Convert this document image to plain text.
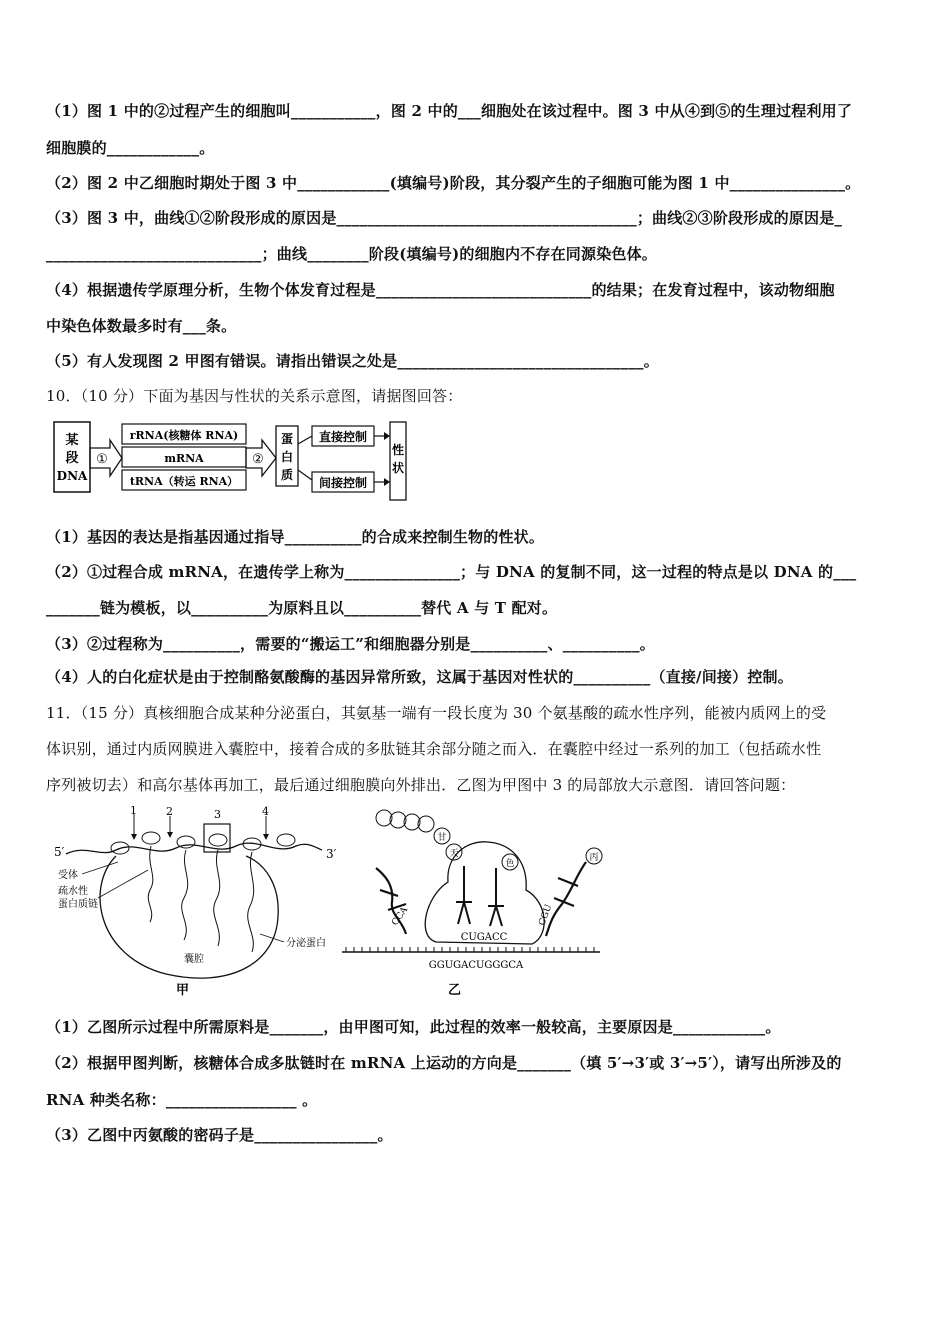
（1）图 1 中的②过程产生的细胞叫___________，图 2 中的___细胞处在该过程中。图 3 中从④到⑤的生理过程利用了
细胞膜的____________。
（2）图 2 中乙细胞时期处于图 3 中____________(填编号)阶段，其分裂产生的子细胞可能为图 1 中_______________。
（3）图 3 中，曲线①②阶段形成的原因是_______________________________________；曲线②③阶段形成的原因是_
____________________________；曲线________阶段(填编号)的细胞内不存在同源染色体。
（4）根据遗传学原理分析，生物个体发育过程是____________________________的结果；在发育过程中，该动物细胞
中染色体数最多时有___条。
（5）有人发现图 2 甲图有错误。请指出错误之处是________________________________。
10．（10 分）下面为基因与性状的关系示意图，请据图回答：
某
段
DNA
①
rRNA(核糖体 RNA)
mRNA
tRNA（转运 RNA）
②
蛋
白
质
直接控制
间接控制
性
状
（1）基因的表达是指基因通过指导__________的合成来控制生物的性状。
（2）①过程合成 mRNA，在遗传学上称为_______________；与 DNA 的复制不同，这一过程的特点是以 DNA 的___
_______链为模板，以__________为原料且以__________替代 A 与 T 配对。
（3）②过程称为__________，需要的“搬运工”和细胞器分别是__________、__________。
（4）人的白化症状是由于控制酪氨酸酶的基因异常所致，这属于基因对性状的__________（直接/间接）控制。
11．（15 分）真核细胞合成某种分泌蛋白，其氨基一端有一段长度为 30 个氨基酸的疏水性序列，能被内质网上的受
体识别，通过内质网膜进入囊腔中，接着合成的多肽链其余部分随之而入．在囊腔中经过一系列的加工（包括疏水性
序列被切去）和高尔基体再加工，最后通过细胞膜向外排出．乙图为甲图中 3 的局部放大示意图．请回答问题：
5′	3′
1	2	3	4
受体
疏水性
蛋白质链
分泌蛋白
囊腔
甲
甘
天
色
CUGACC
CCA
丙
CGU
GGUGACUGGGCA
乙
（1）乙图所示过程中所需原料是_______，由甲图可知，此过程的效率一般较高，主要原因是____________。
（2）根据甲图判断，核糖体合成多肽链时在 mRNA 上运动的方向是_______（填 5′→3′或 3′→5′），请写出所涉及的
RNA 种类名称：_________________ 。
（3）乙图中丙氨酸的密码子是________________。
